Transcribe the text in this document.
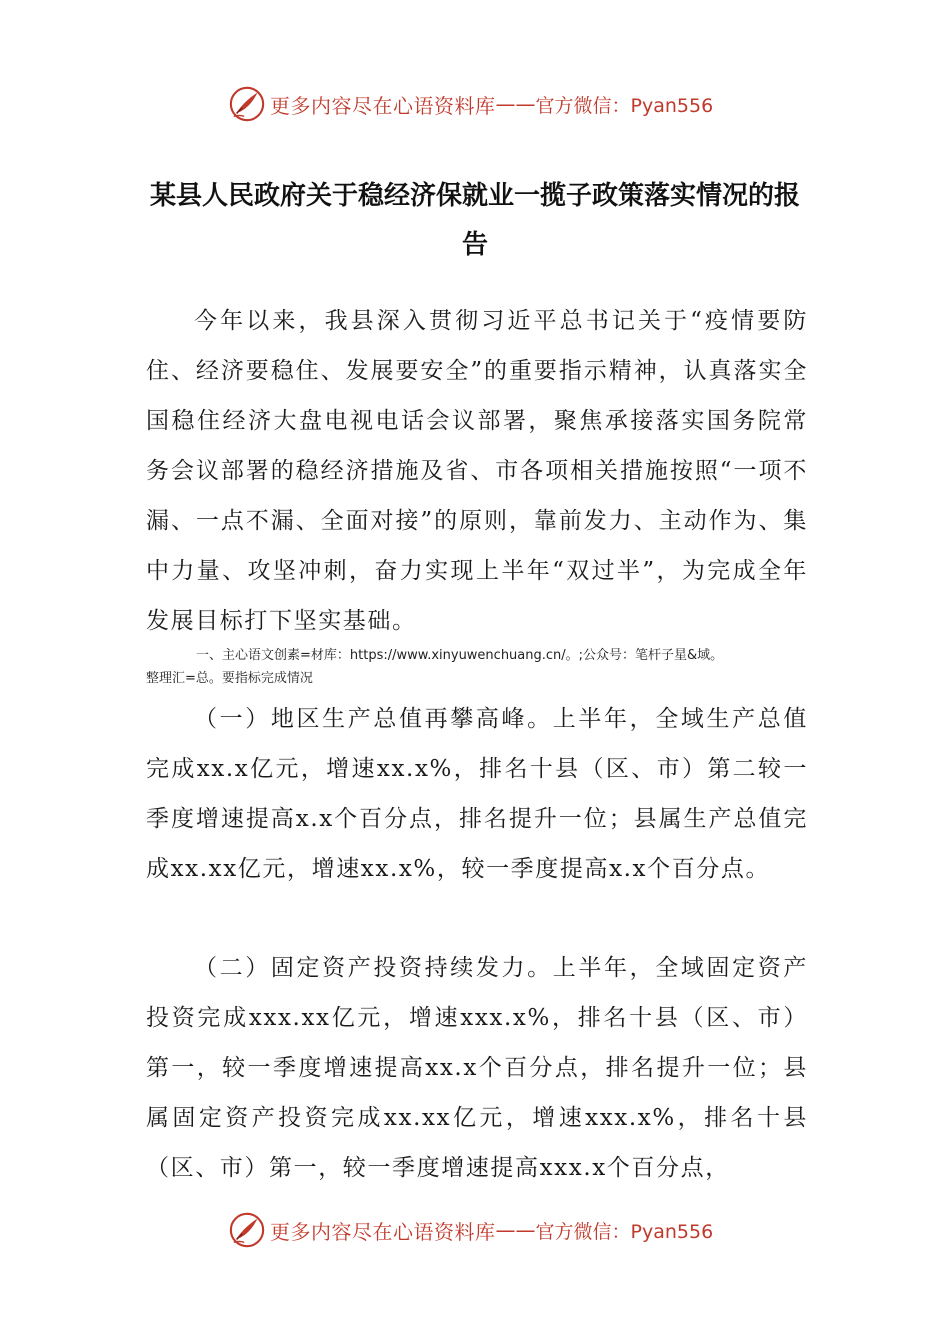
更多内容尽在心语资料库 —— 官方微信：Pyan556
某县人民政府关于稳经济保就业一揽子政策落实情况的报告

今年以来，我县深入贯彻习近平总书记关于“疫情要防住、经济要稳住、发展要安全”的重要指示精神，认真落实全国稳住经济大盘电视电话会议部署，聚焦承接落实国务院常务会议部署的稳经济措施及省、市各项相关措施按照“一项不漏、一点不漏、全面对接”的原则，靠前发力、主动作为、集中力量、攻坚冲刺，奋力实现上半年“双过半”，为完成全年发展目标打下坚实基础。

一、主心语文创素=材库：https://www.xinyuwenchuang.cn/。;公众号：笔杆子星&域。

整理汇=总。要指标完成情况

（一）地区生产总值再攀高峰。上半年，全域生产总值完成xx.x亿元，增速xx.x%，排名十县（区、市）第二较一季度增速提高x.x个百分点，排名提升一位；县属生产总值完成xx.xx亿元，增速xx.x%，较一季度提高x.x个百分点。

（二）固定资产投资持续发力。上半年，全域固定资产投资完成xxx.xx亿元，增速xxx.x%，排名十县（区、市）第一，较一季度增速提高xx.x个百分点，排名提升一位；县属固定资产投资完成xx.xx亿元，增速xxx.x%，排名十县（区、市）第一，较一季度增速提高xxx.x个百分点，

更多内容尽在心语资料库 —— 官方微信：Pyan556
